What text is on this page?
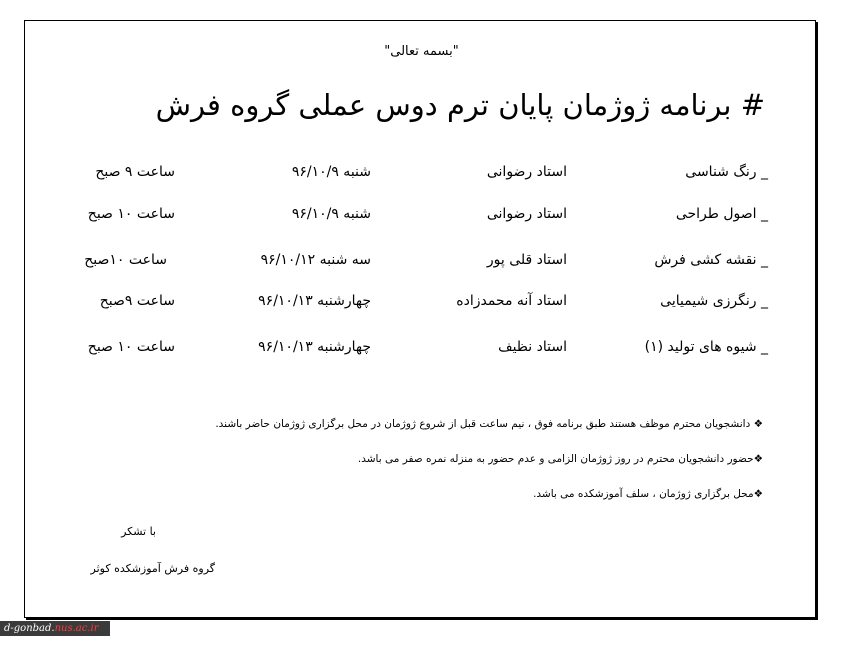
"بسمه تعالی"
# برنامه ژوژمان پایان ترم دوس عملی گروه فرش
_ رنگ شناسی
استاد رضوانی
شنبه ۹۶/۱۰/۹
ساعت ۹ صبح
_ اصول طراحی
استاد رضوانی
شنبه ۹۶/۱۰/۹
ساعت ۱۰ صبح
_ نقشه کشی فرش
استاد قلی پور
سه شنبه ۹۶/۱۰/۱۲
ساعت ۱۰صبح
_ رنگرزی شیمیایی
استاد آنه محمدزاده
چهارشنبه ۹۶/۱۰/۱۳
ساعت ۹صبح
_ شیوه های تولید (۱)
استاد نظیف
چهارشنبه ۹۶/۱۰/۱۳
ساعت ۱۰ صبح
❖ دانشجویان محترم موظف هستند طبق برنامه فوق ، نیم ساعت قبل از شروع ژوژمان در محل برگزاری ژوژمان حاضر باشند.
❖حضور دانشجویان محترم در روز ژوژمان الزامی و عدم حضور به منزله نمره صفر می باشد.
❖محل برگزاری ژوژمان ، سلف آموزشکده می باشد.
با تشکر
گروه فرش آموزشکده کوثر
d-gonbad.nus.ac.ir
